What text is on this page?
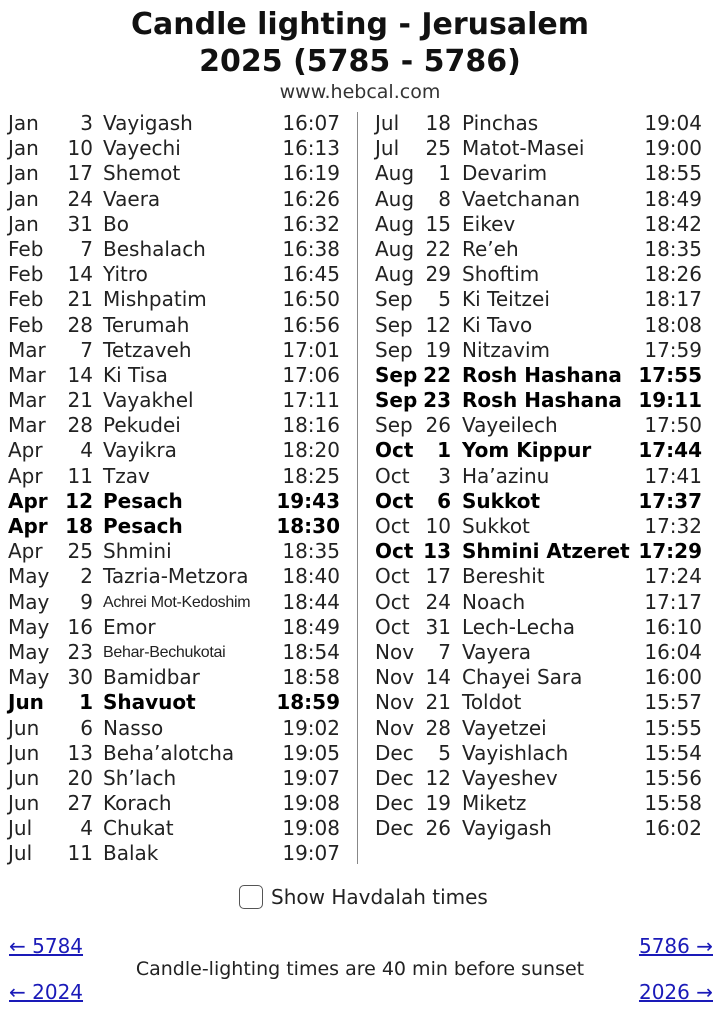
Candle lighting - Jerusalem
2025 (5785 - 5786)
www.hebcal.com
Jan	3 Vayigash	16:07
Jan 10 Vayechi	16:13
Jan 17 Shemot	16:19
Jan 24 Vaera	16:26
Jan 31 Bo	16:32
Feb	7 Beshalach	16:38
Feb 14 Yitro	16:45
Feb 21 Mishpatim	16:50
Feb 28 Terumah	16:56
Mar	7 Tetzaveh	17:01
Mar 14 Ki Tisa	17:06
Mar 21 Vayakhel	17:11
Mar 28 Pekudei	18:16
Apr	4 Vayikra	18:20
Apr 11 Tzav	18:25
Apr 12 Pesach	19:43
Apr 18 Pesach	18:30
Apr 25 Shmini	18:35
May	2 Tazria-Metzora 18:40
May	9 Achrei Mot-Kedoshim 18:44
May 16 Emor	18:49
May 23 Behar-Bechukotai	18:54
May 30 Bamidbar	18:58
Jun	1 Shavuot	18:59
Jun	6 Nasso	19:02
Jun 13 Beha’alotcha 19:05
Jun 20 Sh’lach	19:07
Jun 27 Korach	19:08
Jul	4 Chukat	19:08
Jul 11 Balak	19:07
Jul 18 Pinchas	19:04
Jul 25 Matot-Masei	19:00
Aug	1 Devarim	18:55
Aug	8 Vaetchanan	18:49
Aug 15 Eikev	18:42
Aug 22 Re’eh	18:35
Aug 29 Shoftim	18:26
Sep	5 Ki Teitzei	18:17
Sep 12 Ki Tavo	18:08
Sep 19 Nitzavim	17:59
Sep 22 Rosh Hashana 17:55
Sep 23 Rosh Hashana 19:11
Sep 26 Vayeilech	17:50
Oct	1 Yom Kippur 17:44
Oct	3 Ha’azinu	17:41
Oct	6 Sukkot	17:37
Oct 10 Sukkot	17:32
Oct 13 Shmini Atzeret 17:29
Oct 17 Bereshit	17:24
Oct 24 Noach	17:17
Oct 31 Lech-Lecha	16:10
Nov	7 Vayera	16:04
Nov 14 Chayei Sara	16:00
Nov 21 Toldot	15:57
Nov 28 Vayetzei	15:55
Dec	5 Vayishlach	15:54
Dec 12 Vayeshev	15:56
Dec 19 Miketz	15:58
Dec 26 Vayigash	16:02
Show Havdalah times
← 5784	5786 →
Candle-lighting times are 40 min before sunset
← 2024	2026 →
